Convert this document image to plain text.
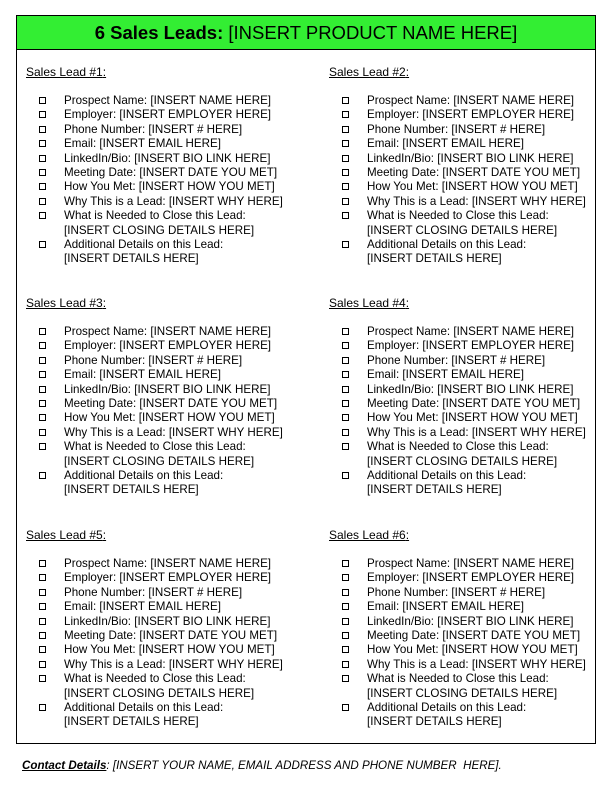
6 Sales Leads: [INSERT PRODUCT NAME HERE]
Sales Lead #1:
Prospect Name: [INSERT NAME HERE]
Employer: [INSERT EMPLOYER HERE]
Phone Number: [INSERT # HERE]
Email: [INSERT EMAIL HERE]
LinkedIn/Bio: [INSERT BIO LINK HERE]
Meeting Date: [INSERT DATE YOU MET]
How You Met: [INSERT HOW YOU MET]
Why This is a Lead: [INSERT WHY HERE]
What is Needed to Close this Lead:
[INSERT CLOSING DETAILS HERE]
Additional Details on this Lead:
[INSERT DETAILS HERE]
Sales Lead #2:
Prospect Name: [INSERT NAME HERE]
Employer: [INSERT EMPLOYER HERE]
Phone Number: [INSERT # HERE]
Email: [INSERT EMAIL HERE]
LinkedIn/Bio: [INSERT BIO LINK HERE]
Meeting Date: [INSERT DATE YOU MET]
How You Met: [INSERT HOW YOU MET]
Why This is a Lead: [INSERT WHY HERE]
What is Needed to Close this Lead:
[INSERT CLOSING DETAILS HERE]
Additional Details on this Lead:
[INSERT DETAILS HERE]
Sales Lead #3:
Prospect Name: [INSERT NAME HERE]
Employer: [INSERT EMPLOYER HERE]
Phone Number: [INSERT # HERE]
Email: [INSERT EMAIL HERE]
LinkedIn/Bio: [INSERT BIO LINK HERE]
Meeting Date: [INSERT DATE YOU MET]
How You Met: [INSERT HOW YOU MET]
Why This is a Lead: [INSERT WHY HERE]
What is Needed to Close this Lead:
[INSERT CLOSING DETAILS HERE]
Additional Details on this Lead:
[INSERT DETAILS HERE]
Sales Lead #4:
Prospect Name: [INSERT NAME HERE]
Employer: [INSERT EMPLOYER HERE]
Phone Number: [INSERT # HERE]
Email: [INSERT EMAIL HERE]
LinkedIn/Bio: [INSERT BIO LINK HERE]
Meeting Date: [INSERT DATE YOU MET]
How You Met: [INSERT HOW YOU MET]
Why This is a Lead: [INSERT WHY HERE]
What is Needed to Close this Lead:
[INSERT CLOSING DETAILS HERE]
Additional Details on this Lead:
[INSERT DETAILS HERE]
Sales Lead #5:
Prospect Name: [INSERT NAME HERE]
Employer: [INSERT EMPLOYER HERE]
Phone Number: [INSERT # HERE]
Email: [INSERT EMAIL HERE]
LinkedIn/Bio: [INSERT BIO LINK HERE]
Meeting Date: [INSERT DATE YOU MET]
How You Met: [INSERT HOW YOU MET]
Why This is a Lead: [INSERT WHY HERE]
What is Needed to Close this Lead:
[INSERT CLOSING DETAILS HERE]
Additional Details on this Lead:
[INSERT DETAILS HERE]
Sales Lead #6:
Prospect Name: [INSERT NAME HERE]
Employer: [INSERT EMPLOYER HERE]
Phone Number: [INSERT # HERE]
Email: [INSERT EMAIL HERE]
LinkedIn/Bio: [INSERT BIO LINK HERE]
Meeting Date: [INSERT DATE YOU MET]
How You Met: [INSERT HOW YOU MET]
Why This is a Lead: [INSERT WHY HERE]
What is Needed to Close this Lead:
[INSERT CLOSING DETAILS HERE]
Additional Details on this Lead:
[INSERT DETAILS HERE]
Contact Details: [INSERT YOUR NAME, EMAIL ADDRESS AND PHONE NUMBER  HERE].
